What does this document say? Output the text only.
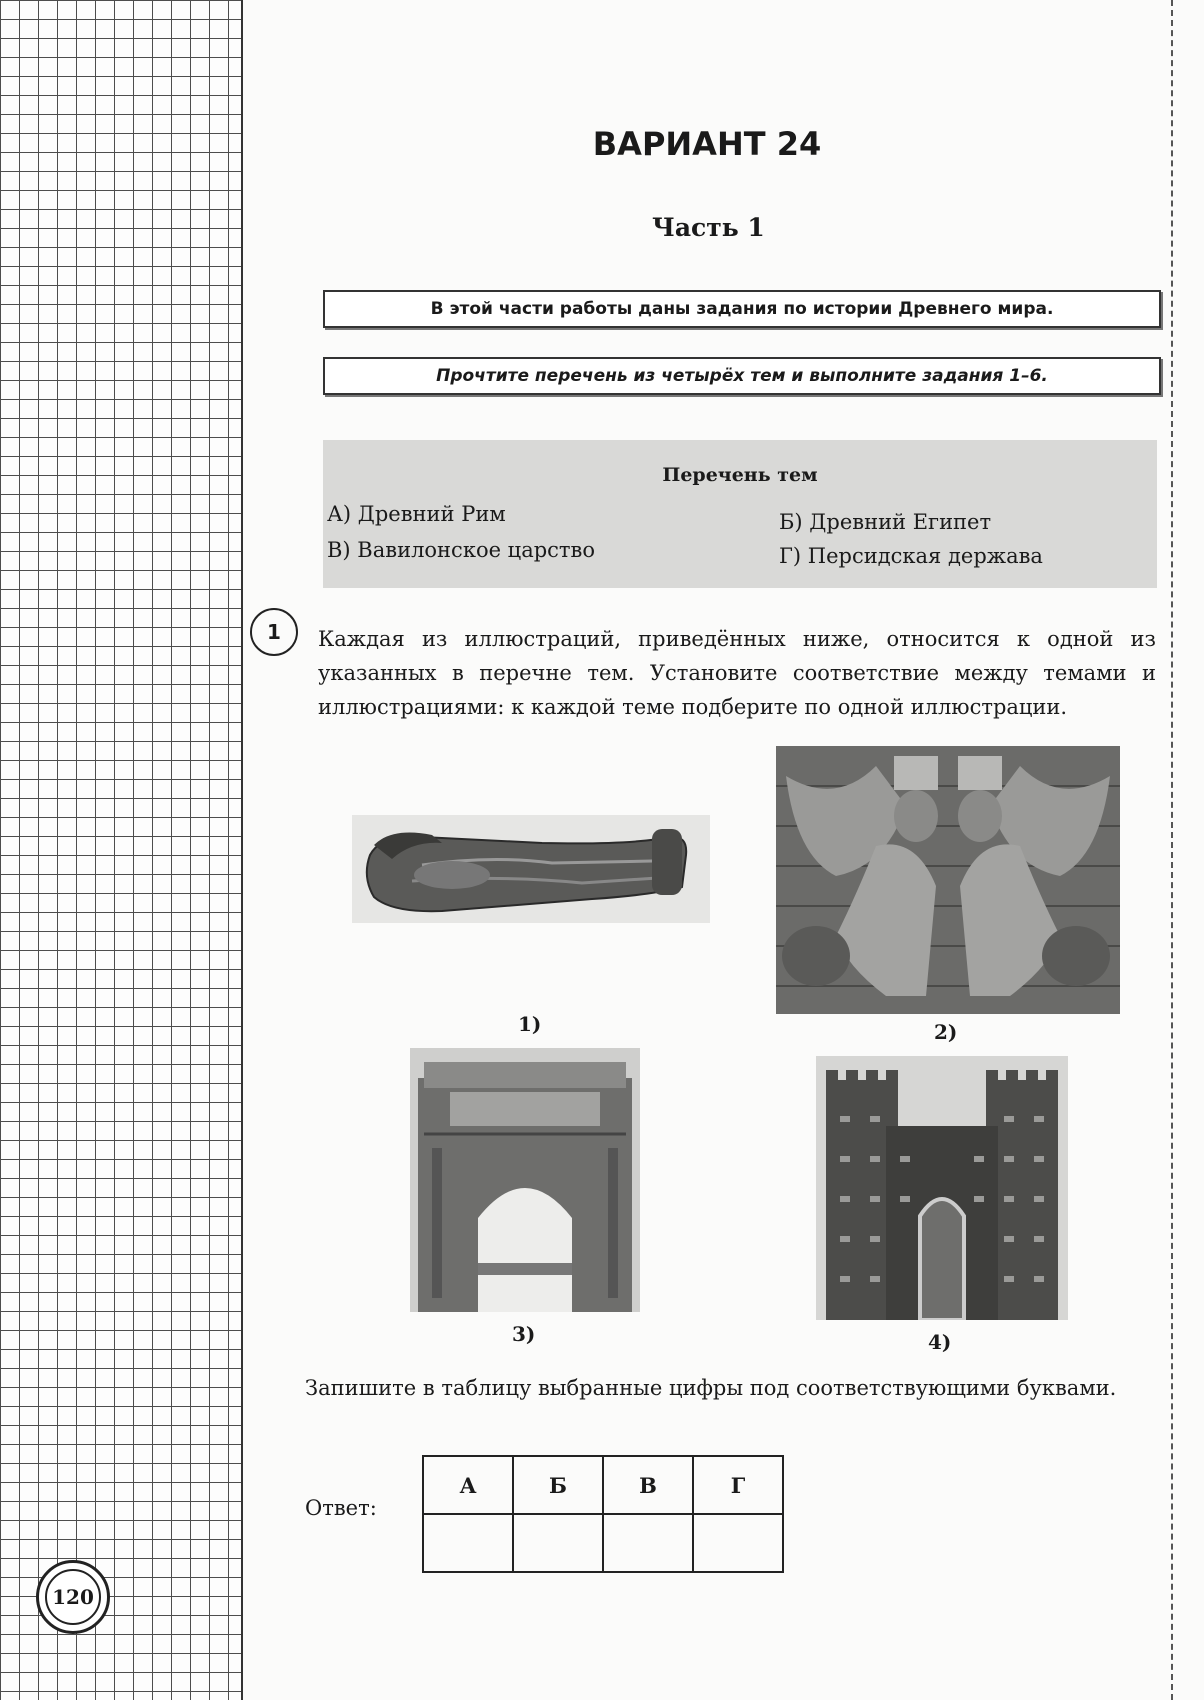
ВАРИАНТ 24
Часть 1
В этой части работы даны задания по истории Древнего мира.
Прочтите перечень из четырёх тем и выполните задания 1–6.
Перечень тем
А) Древний Рим	Б) Древний Египет
В) Вавилонское царство	Г) Персидская держава
1	Каждая из иллюстраций, приведённых ниже, относится к одной из указанных в перечне тем. Установите соответствие между темами и иллюстрациями: к каждой теме подберите по одной иллюстрации.
1)	2)
3)	4)
Запишите в таблицу выбранные цифры под соответствующими буквами.
Ответ:
А	Б	В	Г

120
